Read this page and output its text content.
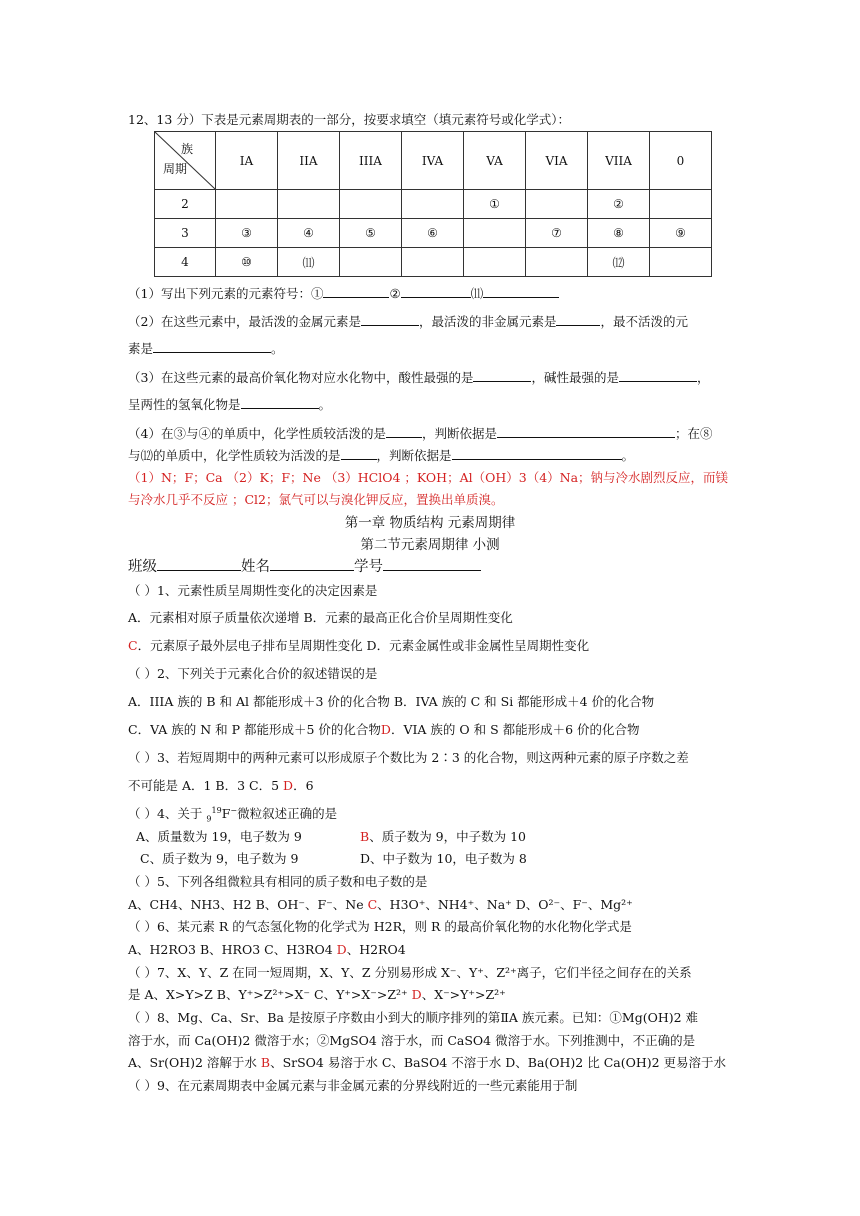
12、13 分）下表是元素周期表的一部分，按要求填空（填元素符号或化学式）：
族
周期	IA	IIA	IIIA	IVA	VA	VIA	VIIA	0
2					①		②	
3	③	④	⑤	⑥		⑦	⑧	⑨
4	⑩	⑾					⑿	
（1）写出下列元素的元素符号：①	②	⑾
（2）在这些元素中，最活泼的金属元素是	，最活泼的非金属元素是	，最不活泼的元
素是	。
（3）在这些元素的最高价氧化物对应水化物中，酸性最强的是	，碱性最强的是	，
呈两性的氢氧化物是	。
（4）在③与④的单质中，化学性质较活泼的是	，判断依据是	；在⑧
与⑿的单质中，化学性质较为活泼的是	，判断依据是	。
（1）N；F；Ca （2）K；F；Ne （3）HClO4 ；KOH；Al（OH）3（4）Na；钠与冷水剧烈反应，而镁
与冷水几乎不反应 ；Cl2；氯气可以与溴化钾反应，置换出单质溴。
第一章 物质结构 元素周期律
第二节元素周期律 小测
班级	姓名	学号
（ ）1、元素性质呈周期性变化的决定因素是
A．元素相对原子质量依次递增 B．元素的最高正化合价呈周期性变化
C．元素原子最外层电子排布呈周期性变化 D．元素金属性或非金属性呈周期性变化
（ ）2、下列关于元素化合价的叙述错误的是
A．IIIA 族的 B 和 Al 都能形成＋3 价的化合物 B．IVA 族的 C 和 Si 都能形成＋4 价的化合物
C．VA 族的 N 和 P 都能形成＋5 价的化合物D．VIA 族的 O 和 S 都能形成＋6 价的化合物
（ ）3、若短周期中的两种元素可以形成原子个数比为 2∶3 的化合物，则这两种元素的原子序数之差
不可能是 A．1 B．3 C．5 D．6
（ ）4、关于 $_9^{19}$F−微粒叙述正确的是
A、质量数为 19，电子数为 9	B、质子数为 9，中子数为 10
C、质子数为 9，电子数为 9	D、中子数为 10，电子数为 8
（ ）5、下列各组微粒具有相同的质子数和电子数的是
A、CH4、NH3、H2 B、OH⁻、F⁻、Ne C、H3O⁺、NH4⁺、Na⁺ D、O²⁻、F⁻、Mg²⁺
（ ）6、某元素 R 的气态氢化物的化学式为 H2R，则 R 的最高价氧化物的水化物化学式是
A、H2RO3 B、HRO3 C、H3RO4 D、H2RO4
（ ）7、X、Y、Z 在同一短周期，X、Y、Z 分别易形成 X⁻、Y⁺、Z²⁺离子，它们半径之间存在的关系
是 A、X>Y>Z B、Y⁺>Z²⁺>X⁻ C、Y⁺>X⁻>Z²⁺ D、X⁻>Y⁺>Z²⁺
（ ）8、Mg、Ca、Sr、Ba 是按原子序数由小到大的顺序排列的第ⅡA 族元素。已知：①Mg(OH)2 难
溶于水，而 Ca(OH)2 微溶于水；②MgSO4 溶于水，而 CaSO4 微溶于水。下列推测中，不正确的是
A、Sr(OH)2 溶解于水 B、SrSO4 易溶于水 C、BaSO4 不溶于水 D、Ba(OH)2 比 Ca(OH)2 更易溶于水
（ ）9、在元素周期表中金属元素与非金属元素的分界线附近的一些元素能用于制
